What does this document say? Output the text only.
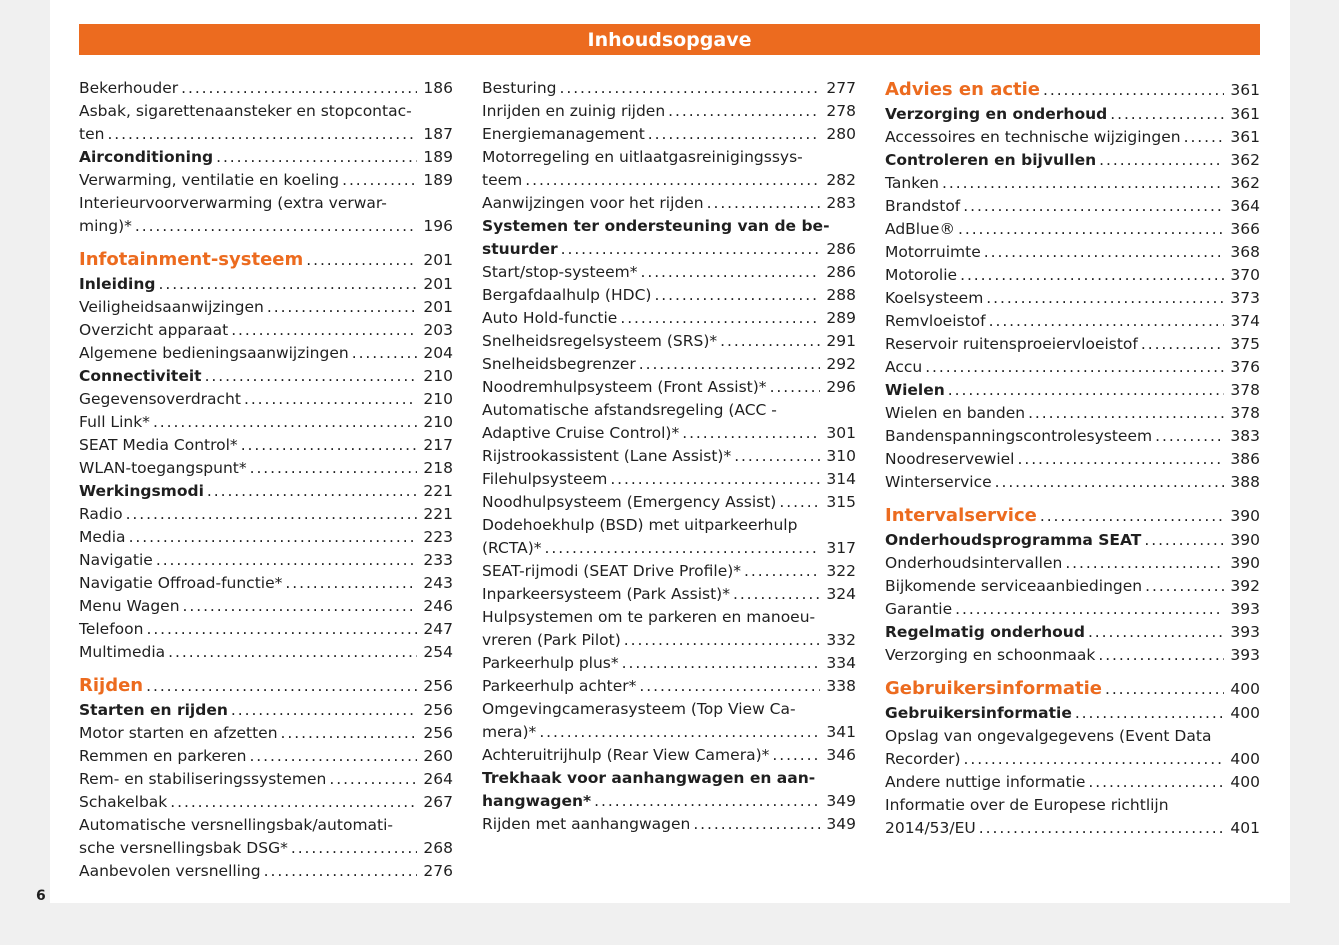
Inhoudsopgave
Bekerhouder . . .	186
Asbak, sigarettenaansteker en stopcontac-
ten . . .	187
Airconditioning . . .	189
Verwarming, ventilatie en koeling . . .	189
Interieurvoorverwarming (extra verwar-
ming)* . . .	196
Infotainment-systeem . . .	201
Inleiding . . .	201
Veiligheidsaanwijzingen . . .	201
Overzicht apparaat . . .	203
Algemene bedieningsaanwijzingen . . .	204
Connectiviteit . . .	210
Gegevensoverdracht . . .	210
Full Link* . . .	210
SEAT Media Control* . . .	217
WLAN-toegangspunt* . . .	218
Werkingsmodi . . .	221
Radio . . .	221
Media . . .	223
Navigatie . . .	233
Navigatie Offroad-functie* . . .	243
Menu Wagen . . .	246
Telefoon . . .	247
Multimedia . . .	254
Rijden . . .	256
Starten en rijden . . .	256
Motor starten en afzetten . . .	256
Remmen en parkeren . . .	260
Rem- en stabiliseringssystemen . . .	264
Schakelbak . . .	267
Automatische versnellingsbak/automati-
sche versnellingsbak DSG* . . .	268
Aanbevolen versnelling . . .	276
Besturing . . .	277
Inrijden en zuinig rijden . . .	278
Energiemanagement . . .	280
Motorregeling en uitlaatgasreinigingssys-
teem . . .	282
Aanwijzingen voor het rijden . . .	283
Systemen ter ondersteuning van de be-
stuurder . . .	286
Start/stop-systeem* . . .	286
Bergafdaalhulp (HDC) . . .	288
Auto Hold-functie . . .	289
Snelheidsregelsysteem (SRS)* . . .	291
Snelheidsbegrenzer . . .	292
Noodremhulpsysteem (Front Assist)* . . .	296
Automatische afstandsregeling (ACC -
Adaptive Cruise Control)* . . .	301
Rijstrookassistent (Lane Assist)* . . .	310
Filehulpsysteem . . .	314
Noodhulpsysteem (Emergency Assist) . . .	315
Dodehoekhulp (BSD) met uitparkeerhulp
(RCTA)* . . .	317
SEAT-rijmodi (SEAT Drive Profile)* . . .	322
Inparkeersysteem (Park Assist)* . . .	324
Hulpsystemen om te parkeren en manoeu-
vreren (Park Pilot) . . .	332
Parkeerhulp plus* . . .	334
Parkeerhulp achter* . . .	338
Omgevingcamerasysteem (Top View Ca-
mera)* . . .	341
Achteruitrijhulp (Rear View Camera)* . . .	346
Trekhaak voor aanhangwagen en aan-
hangwagen* . . .	349
Rijden met aanhangwagen . . .	349
Advies en actie . . .	361
Verzorging en onderhoud . . .	361
Accessoires en technische wijzigingen . . .	361
Controleren en bijvullen . . .	362
Tanken . . .	362
Brandstof . . .	364
AdBlue® . . .	366
Motorruimte . . .	368
Motorolie . . .	370
Koelsysteem . . .	373
Remvloeistof . . .	374
Reservoir ruitensproeiervloeistof . . .	375
Accu . . .	376
Wielen . . .	378
Wielen en banden . . .	378
Bandenspanningscontrolesysteem . . .	383
Noodreservewiel . . .	386
Winterservice . . .	388
Intervalservice . . .	390
Onderhoudsprogramma SEAT . . .	390
Onderhoudsintervallen . . .	390
Bijkomende serviceaanbiedingen . . .	392
Garantie . . .	393
Regelmatig onderhoud . . .	393
Verzorging en schoonmaak . . .	393
Gebruikersinformatie . . .	400
Gebruikersinformatie . . .	400
Opslag van ongevalgegevens (Event Data
Recorder) . . .	400
Andere nuttige informatie . . .	400
Informatie over de Europese richtlijn
2014/53/EU . . .	401
6
